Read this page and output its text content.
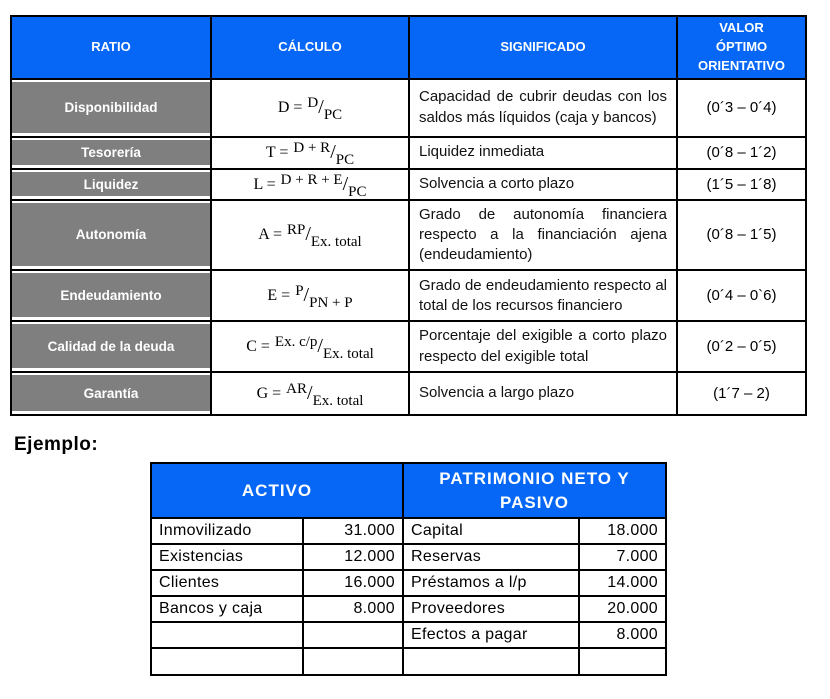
RATIO	CÁLCULO	SIGNIFICADO	VALOR ÓPTIMO ORIENTATIVO
Disponibilidad	D = D/PC	Capacidad de cubrir deudas con los saldos más líquidos (caja y bancos)	(0´3 – 0´4)
Tesorería	T = D + R/PC	Liquidez inmediata	(0´8 – 1´2)
Liquidez	L = D + R + E/PC	Solvencia a corto plazo	(1´5 – 1´8)
Autonomía	A = RP/Ex. total	Grado de autonomía financiera respecto a la financiación ajena (endeudamiento)	(0´8 – 1´5)
Endeudamiento	E = P/PN + P	Grado de endeudamiento respecto al total de los recursos financiero	(0´4 – 0`6)
Calidad de la deuda	C = Ex. c/p/Ex. total	Porcentaje del exigible a corto plazo respecto del exigible total	(0´2 – 0´5)
Garantía	G = AR/Ex. total	Solvencia a largo plazo	(1´7 – 2)
Ejemplo:
ACTIVO		PATRIMONIO NETO Y PASIVO	
Inmovilizado	31.000	Capital	18.000
Existencias	12.000	Reservas	7.000
Clientes	16.000	Préstamos a l/p	14.000
Bancos y caja	8.000	Proveedores	20.000
		Efectos a pagar	8.000
	67.000		67.000
